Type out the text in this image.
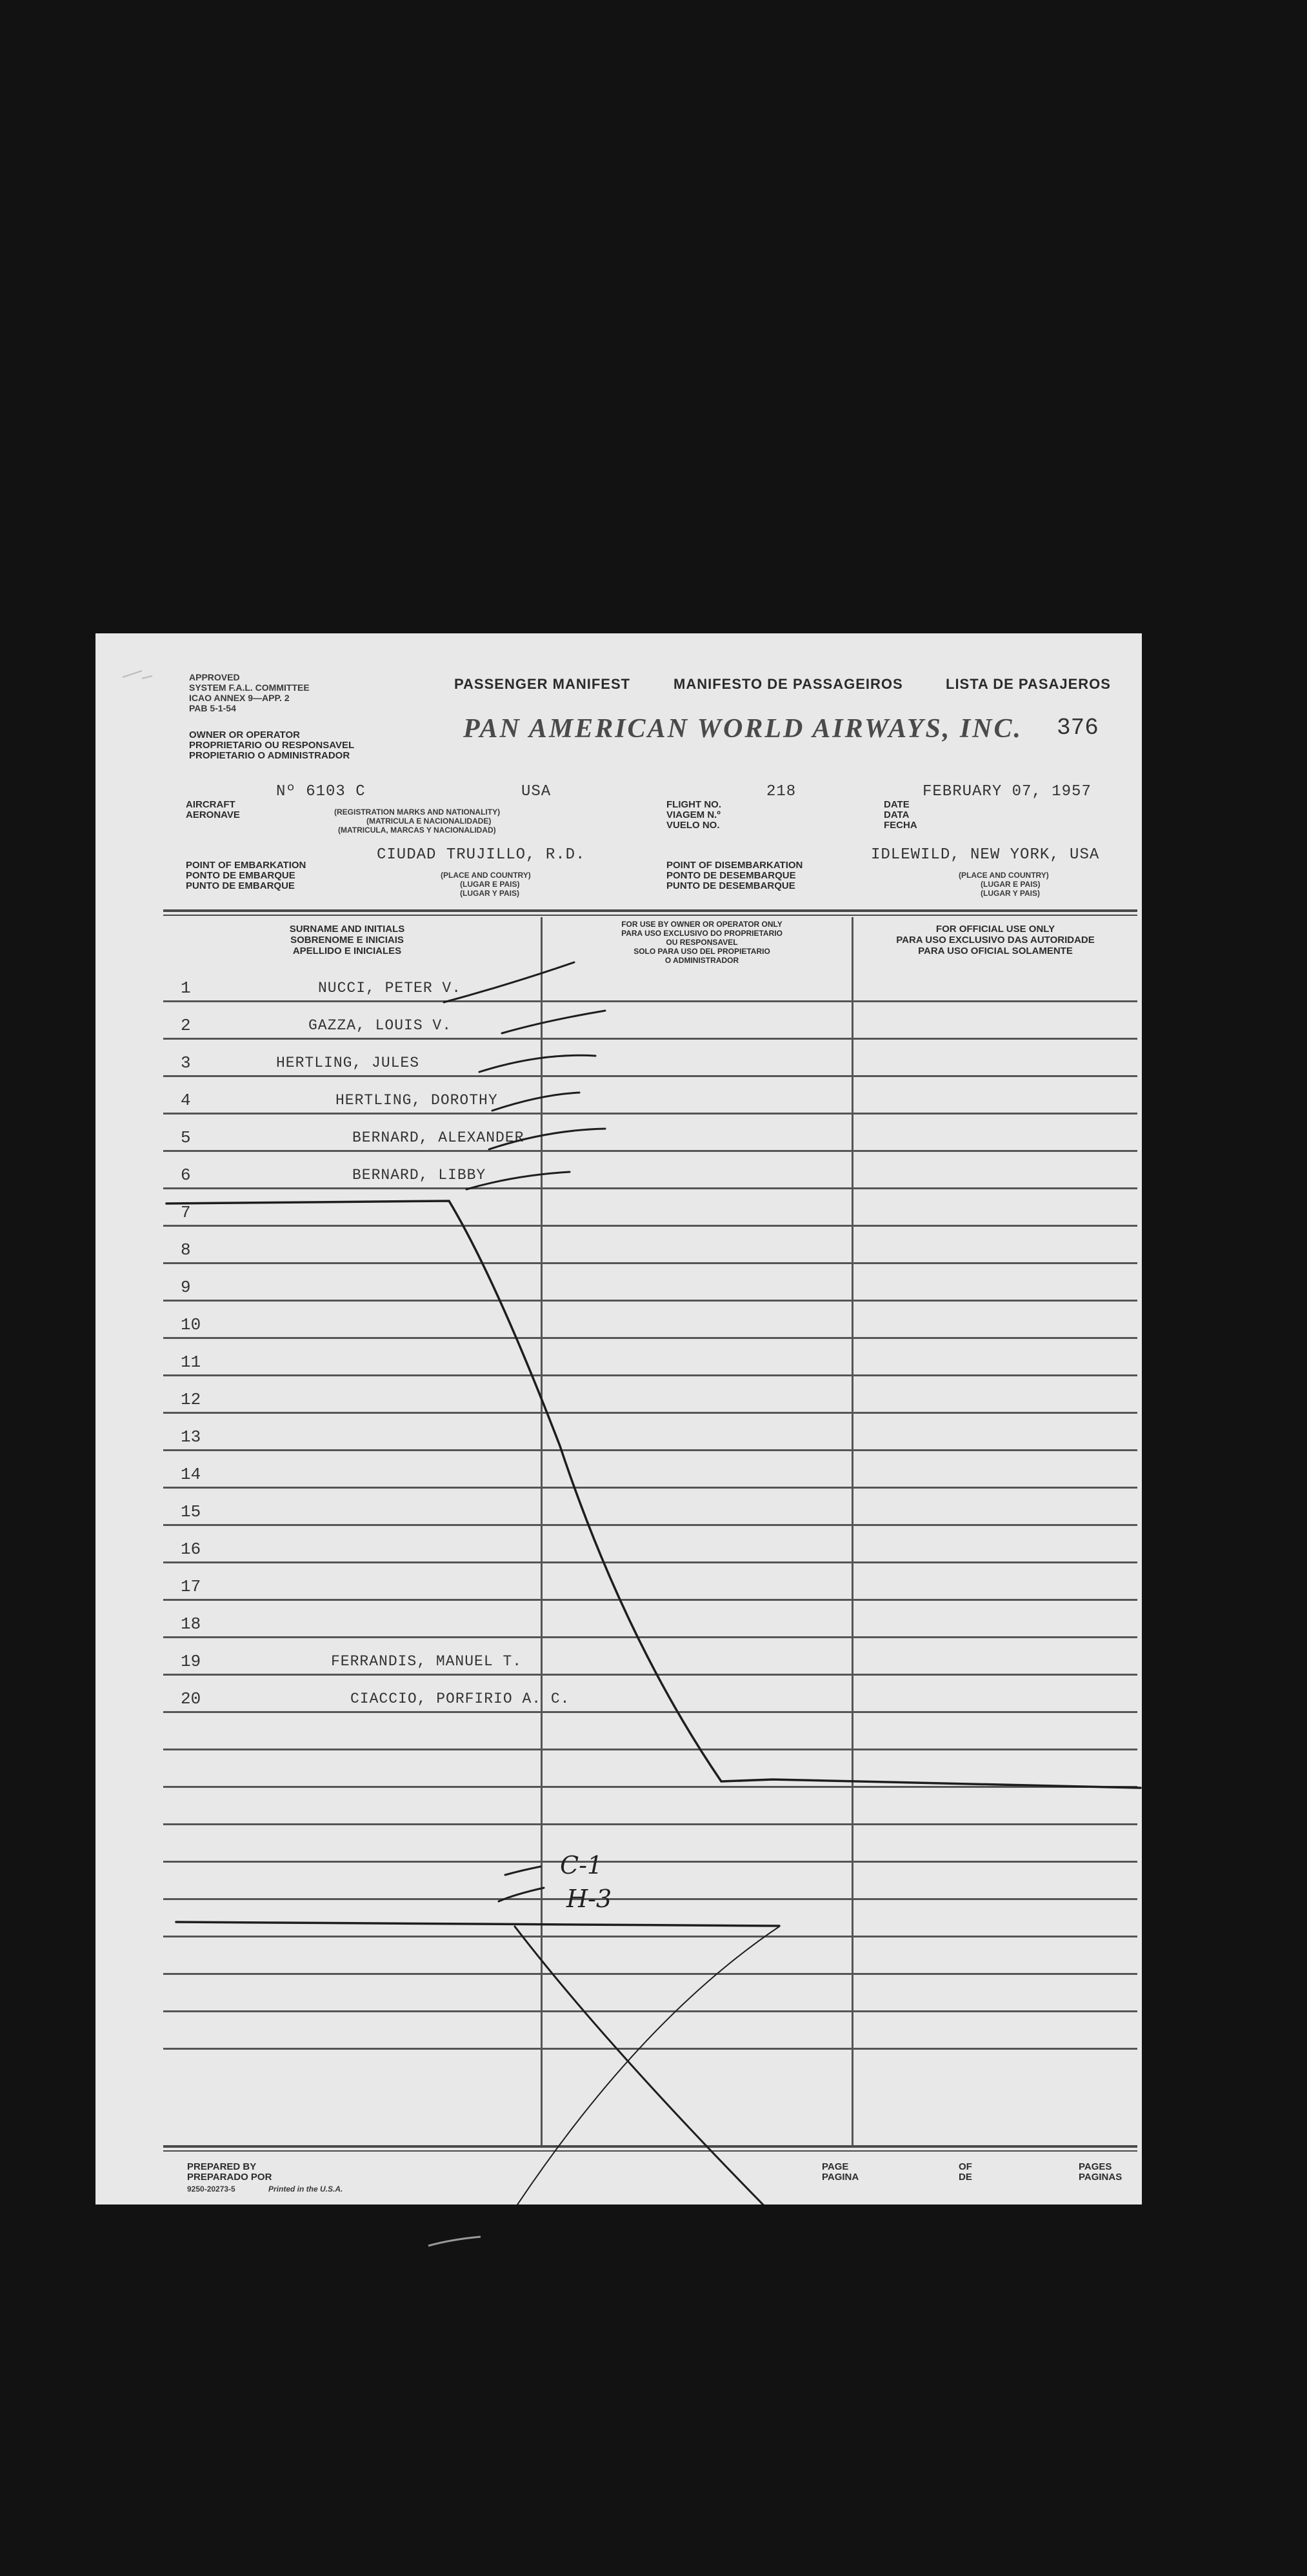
APPROVED
SYSTEM F.A.L. COMMITTEE
ICAO ANNEX 9—APP. 2
PAB 5-1-54
PASSENGER MANIFEST	MANIFESTO DE PASSAGEIROS	LISTA DE PASAJEROS
OWNER OR OPERATOR
PROPRIETARIO OU RESPONSAVEL
PROPIETARIO O ADMINISTRADOR
PAN AMERICAN WORLD AIRWAYS, INC. 376
AIRCRAFT
AERONAVE
Nº 6103 C	USA
(REGISTRATION MARKS AND NATIONALITY)
(MATRICULA E NACIONALIDADE)
(MATRICULA, MARCAS Y NACIONALIDAD)
FLIGHT NO.
VIAGEM N.º
VUELO NO.
218
DATE
DATA
FECHA
FEBRUARY 07, 1957
POINT OF EMBARKATION
PONTO DE EMBARQUE
PUNTO DE EMBARQUE
CIUDAD TRUJILLO, R.D.
(PLACE AND COUNTRY)
(LUGAR E PAIS)
(LUGAR Y PAIS)
POINT OF DISEMBARKATION
PONTO DE DESEMBARQUE
PUNTO DE DESEMBARQUE
IDLEWILD, NEW YORK, USA
(PLACE AND COUNTRY)
(LUGAR E PAIS)
(LUGAR Y PAIS)
SURNAME AND INITIALS
SOBRENOME E INICIAIS
APELLIDO E INICIALES
FOR USE BY OWNER OR OPERATOR ONLY
PARA USO EXCLUSIVO DO PROPRIETARIO
OU RESPONSAVEL
SOLO PARA USO DEL PROPIETARIO
O ADMINISTRADOR
FOR OFFICIAL USE ONLY
PARA USO EXCLUSIVO DAS AUTORIDADE
PARA USO OFICIAL SOLAMENTE
1	NUCCI, PETER V.
2	GAZZA, LOUIS V.
3	HERTLING, JULES
4	HERTLING, DOROTHY
5	BERNARD, ALEXANDER
6	BERNARD, LIBBY
7
8
9
10
11
12
13
14
15
16
17
18
19	FERRANDIS, MANUEL T.
20	CIACCIO, PORFIRIO A. C.
C-1
H-3
PREPARED BY
PREPARADO POR
9250-20273-5	Printed in the U.S.A.
PAGE
PAGINA
OF
DE
PAGES
PAGINAS
